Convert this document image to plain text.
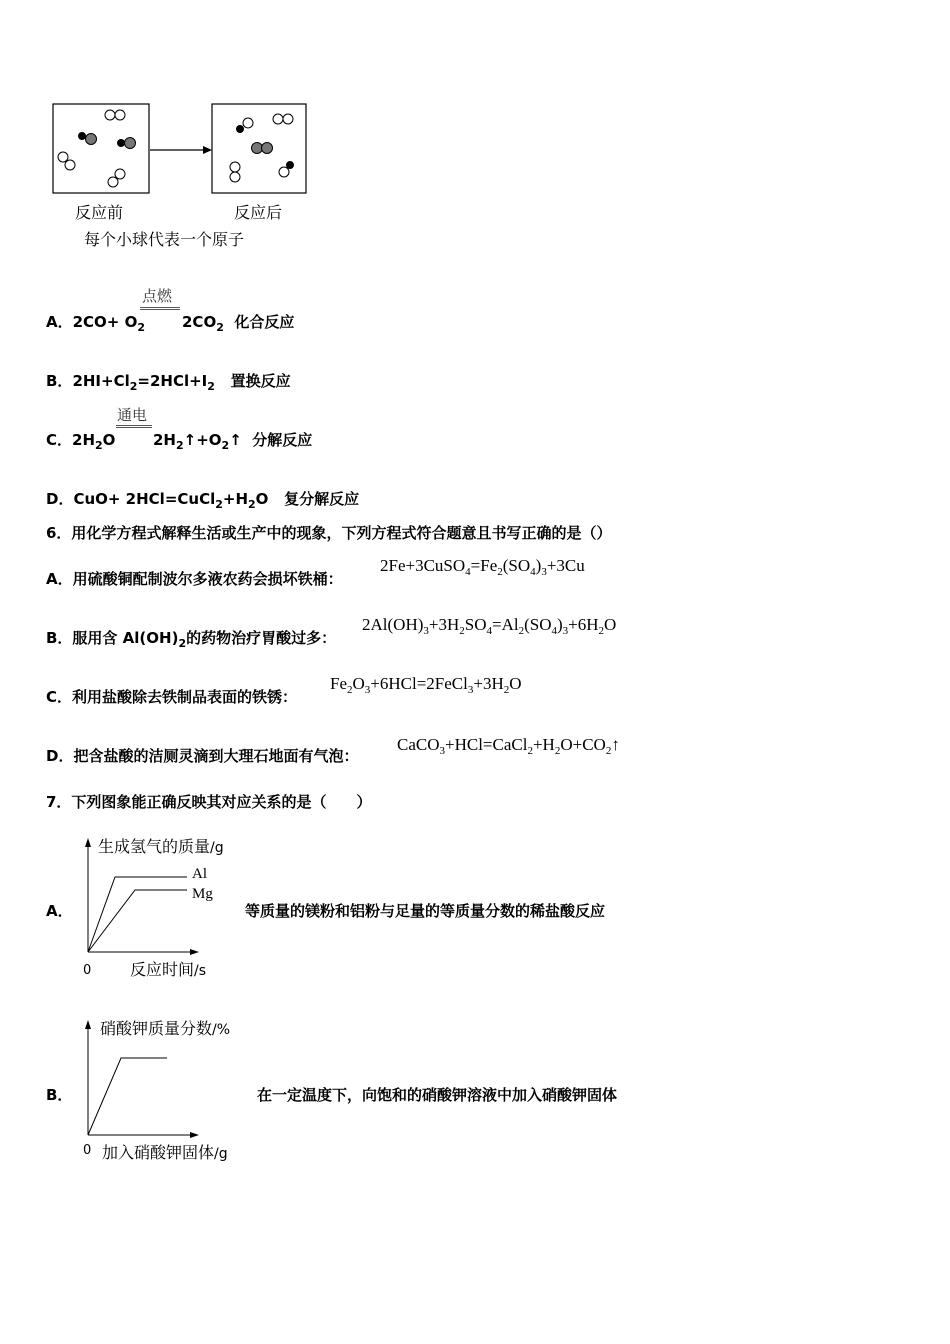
反应前	反应后
每个小球代表一个原子
点燃
A．$2CO+ O_2$ $2CO_2$ 化合反应
B．$2HI+Cl_2=2HCl+I_2$ 置换反应
通电
C．$2H_2O$	$2H_2↑+O_2↑$ 分解反应
D．$CuO+ 2HCl=CuCl_2+H_2O$ 复分解反应
6．用化学方程式解释生活或生产中的现象，下列方程式符合题意且书写正确的是（）
A．用硫酸铜配制波尔多液农药会损坏铁桶：
$2Fe+3CuSO_4=Fe_2(SO_4)_3+3Cu$
B．服用含 $Al(OH)_2$的药物治疗胃酸过多：
$2Al(OH)_3+3H_2SO_4=Al_2(SO_4)_3+6H_2O$
C．利用盐酸除去铁制品表面的铁锈：
$Fe_2O_3+6HCl=2FeCl_3+3H_2O$
D．把含盐酸的洁厕灵滴到大理石地面有气泡：
$CaCO_3+HCl=CaCl_2+H_2O+CO_2↑$
7．下列图象能正确反映其对应关系的是（　　）
A．
生成氢气的质量/g
Al
Mg
0 反应时间/s
等质量的镁粉和铝粉与足量的等质量分数的稀盐酸反应
B．
硝酸钾质量分数/%
0 加入硝酸钾固体/g
在一定温度下，向饱和的硝酸钾溶液中加入硝酸钾固体
